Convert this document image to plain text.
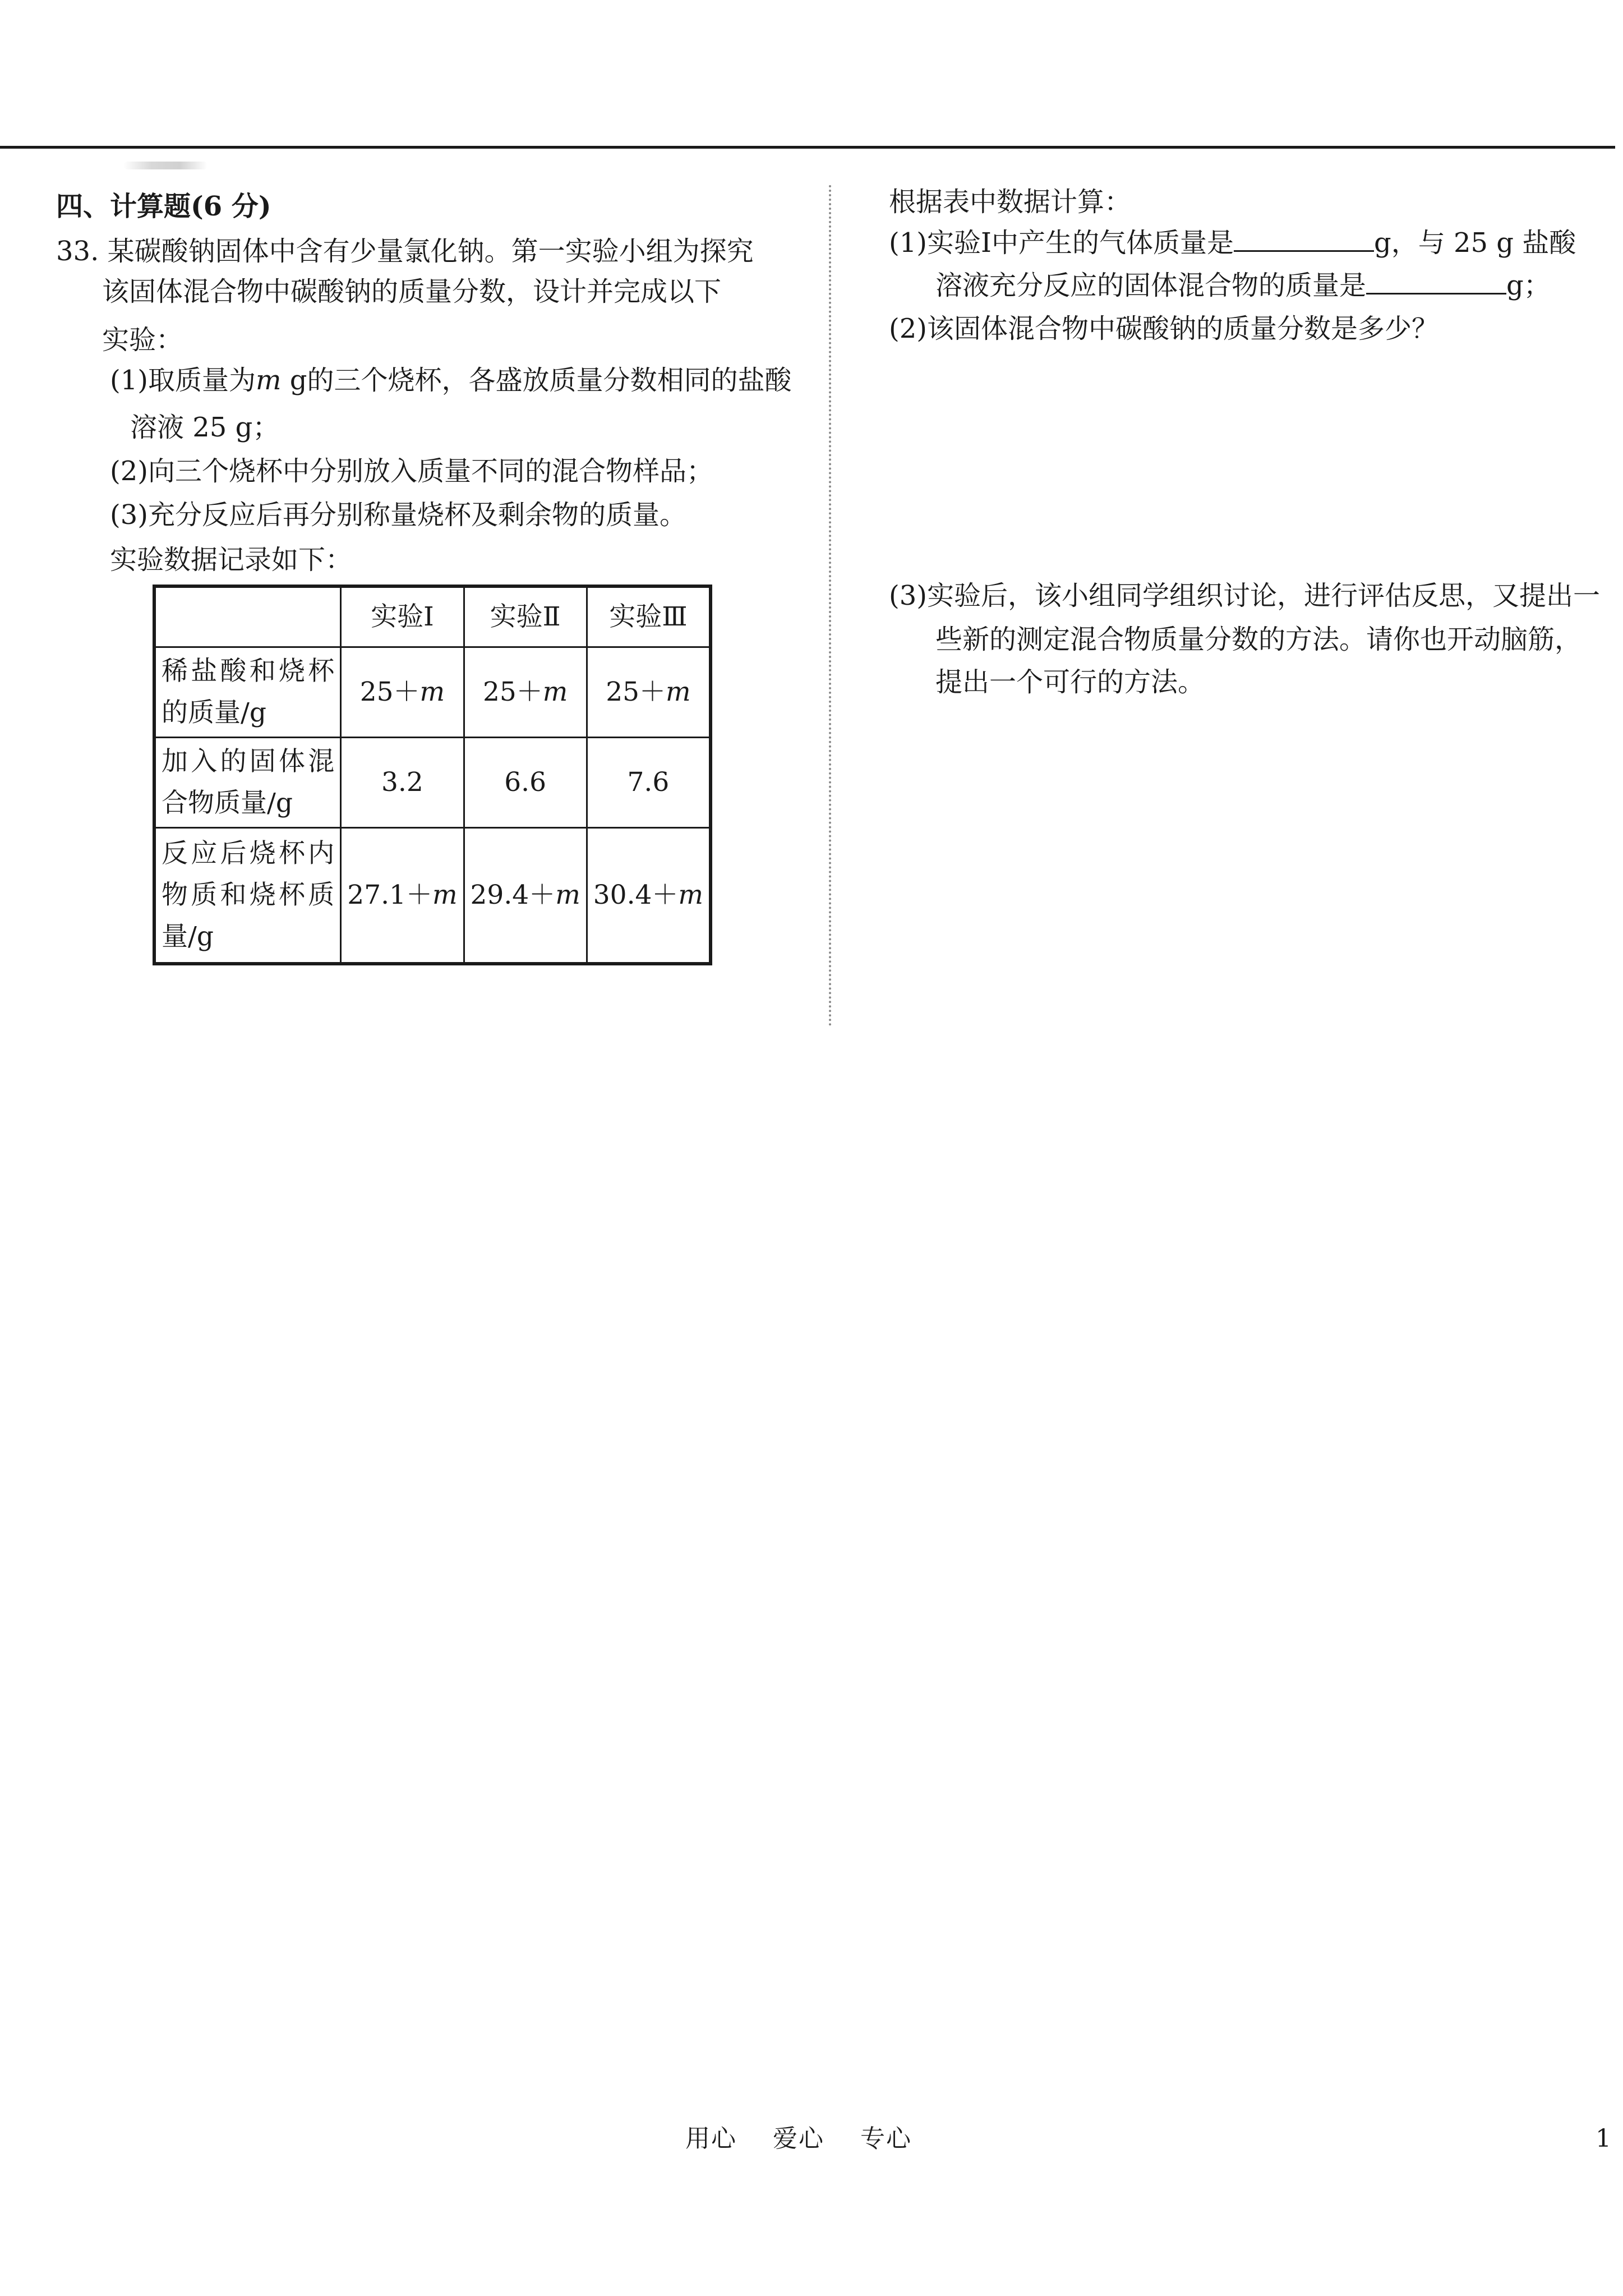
四、计算题(6 分)
33. 某碳酸钠固体中含有少量氯化钠。第一实验小组为探究
该固体混合物中碳酸钠的质量分数，设计并完成以下
实验：
(1)取质量为m g的三个烧杯，各盛放质量分数相同的盐酸
溶液 25 g；
(2)向三个烧杯中分别放入质量不同的混合物样品；
(3)充分反应后再分别称量烧杯及剩余物的质量。
实验数据记录如下：
	实验Ⅰ	实验Ⅱ	实验Ⅲ
稀盐酸和烧杯的质量/g	25＋m	25＋m	25＋m
加入的固体混合物质量/g	3.2	6.6	7.6
反应后烧杯内物质和烧杯质量/g	27.1＋m	29.4＋m	30.4＋m
根据表中数据计算：
(1)实验Ⅰ中产生的气体质量是	g，与 25 g 盐酸
溶液充分反应的固体混合物的质量是	g；
(2)该固体混合物中碳酸钠的质量分数是多少？
(3)实验后，该小组同学组织讨论，进行评估反思，又提出一
些新的测定混合物质量分数的方法。请你也开动脑筋，
提出一个可行的方法。
用心 爱心 专心	1
